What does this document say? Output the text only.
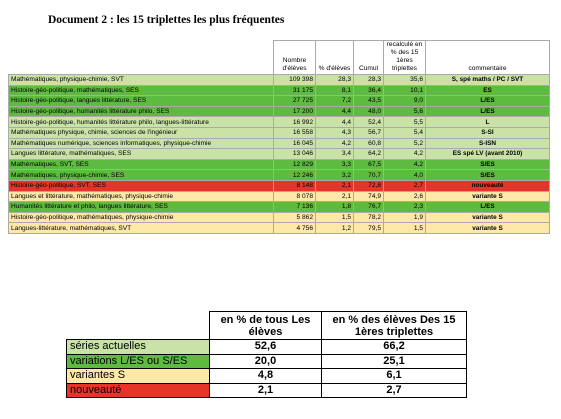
Document 2 : les 15 triplettes les plus fréquentes
	Nombre d'élèves	% d'élèves	Cumul	recalculé en % des 15 1ères triplettes	commentaire
Mathématiques, physique-chimie, SVT	109 398	28,3	28,3	35,6	S, spé maths / PC / SVT
Histoire-géo-politique, mathématiques, SES	31 175	8,1	36,4	10,1	ES
Histoire-géo-politique, langues littérature, SES	27 725	7,2	43,5	9,0	L/ES
Histoire-géo-politique, humanités littérature philo, SES	17 200	4,4	48,0	5,6	L/ES
Histoire-géo-politique, humanités littérature philo, langues-littérature	16 992	4,4	52,4	5,5	L
Mathématiques physique, chimie, sciences de l'ingénieur	16 558	4,3	56,7	5,4	S-SI
Mathématiques numérique, sciences informatiques, physique-chimie	16 045	4,2	60,8	5,2	S-ISN
Langues littérature, mathématiques, SES	13 046	3,4	64,2	4,2	ES spé LV (avant 2010)
Mathématiques, SVT, SES	12 829	3,3	67,5	4,2	S/ES
Mathématiques, physique-chimie, SES	12 246	3,2	70,7	4,0	S/ES
Histoire-géo-politique, SVT, SES	8 148	2,1	72,8	2,7	nouveauté
Langues et littérature, mathématiques, physique-chimie	8 078	2,1	74,9	2,6	variante S
Humanités littérature et philo, langues littérature, SES	7 136	1,8	76,7	2,3	L/ES
Histoire-géo-politique, mathématiques, physique-chimie	5 862	1,5	78,2	1,9	variante S
Langues-littérature, mathématiques, SVT	4 756	1,2	79,5	1,5	variante S
	en % de tous Les élèves	en % des élèves Des 15 1ères triplettes
séries actuelles	52,6	66,2
variations L/ES ou S/ES	20,0	25,1
variantes S	4,8	6,1
nouveauté	2,1	2,7
